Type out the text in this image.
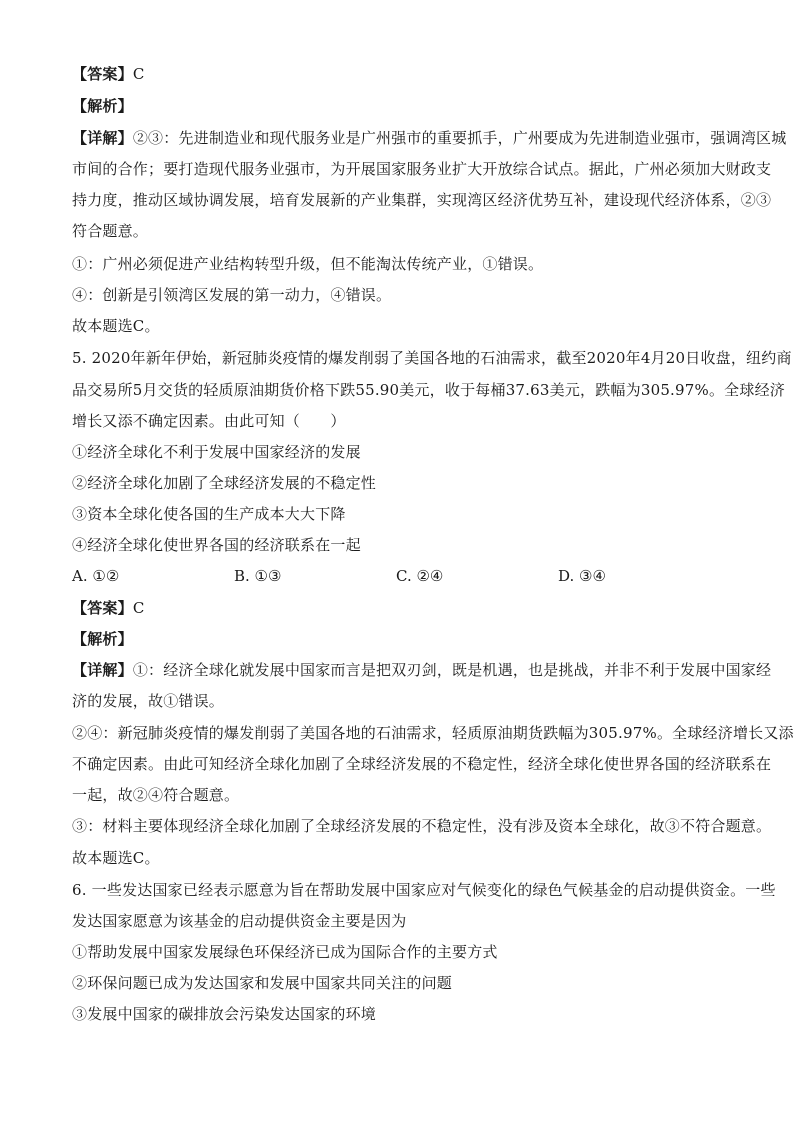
【答案】C
【解析】
【详解】②③：先进制造业和现代服务业是广州强市的重要抓手，广州要成为先进制造业强市，强调湾区城
市间的合作；要打造现代服务业强市，为开展国家服务业扩大开放综合试点。据此，广州必须加大财政支
持力度，推动区域协调发展，培育发展新的产业集群，实现湾区经济优势互补，建设现代经济体系，②③
符合题意。
①：广州必须促进产业结构转型升级，但不能淘汰传统产业，①错误。
④：创新是引领湾区发展的第一动力，④错误。
故本题选C。
5. 2020年新年伊始，新冠肺炎疫情的爆发削弱了美国各地的石油需求，截至2020年4月20日收盘，纽约商
品交易所5月交货的轻质原油期货价格下跌55.90美元，收于每桶37.63美元，跌幅为305.97%。全球经济
增长又添不确定因素。由此可知（　　）
①经济全球化不利于发展中国家经济的发展
②经济全球化加剧了全球经济发展的不稳定性
③资本全球化使各国的生产成本大大下降
④经济全球化使世界各国的经济联系在一起
A. ①②	B. ①③	C. ②④	D. ③④
【答案】C
【解析】
【详解】①：经济全球化就发展中国家而言是把双刃剑，既是机遇，也是挑战，并非不利于发展中国家经
济的发展，故①错误。
②④：新冠肺炎疫情的爆发削弱了美国各地的石油需求，轻质原油期货跌幅为305.97%。全球经济增长又添
不确定因素。由此可知经济全球化加剧了全球经济发展的不稳定性，经济全球化使世界各国的经济联系在
一起，故②④符合题意。
③：材料主要体现经济全球化加剧了全球经济发展的不稳定性，没有涉及资本全球化，故③不符合题意。
故本题选C。
6. 一些发达国家已经表示愿意为旨在帮助发展中国家应对气候变化的绿色气候基金的启动提供资金。一些
发达国家愿意为该基金的启动提供资金主要是因为
①帮助发展中国家发展绿色环保经济已成为国际合作的主要方式
②环保问题已成为发达国家和发展中国家共同关注的问题
③发展中国家的碳排放会污染发达国家的环境
